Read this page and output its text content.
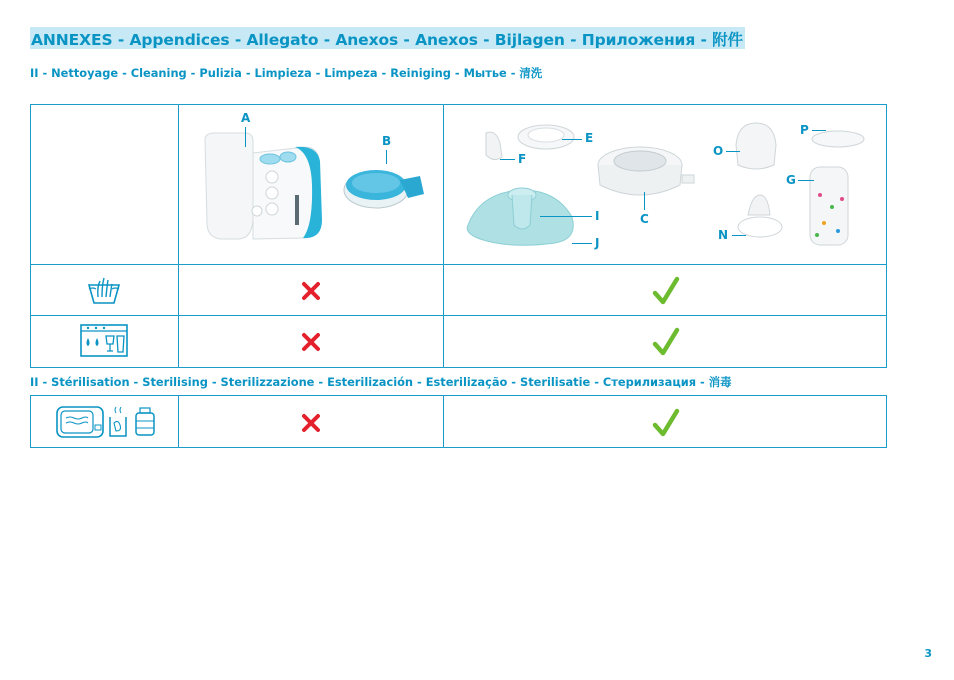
ANNEXES - Appendices - Allegato - Anexos - Anexos - Bijlagen - Приложения - 附件
II - Nettoyage - Cleaning - Pulizia - Limpieza - Limpeza - Reiniging - Мытье - 清洗
A
B	E
F
C
I
J
O
P
G
N
II - Stérilisation - Sterilising - Sterilizzazione - Esterilización - Esterilização - Sterilisatie - Стерилизация - 消毒
3
